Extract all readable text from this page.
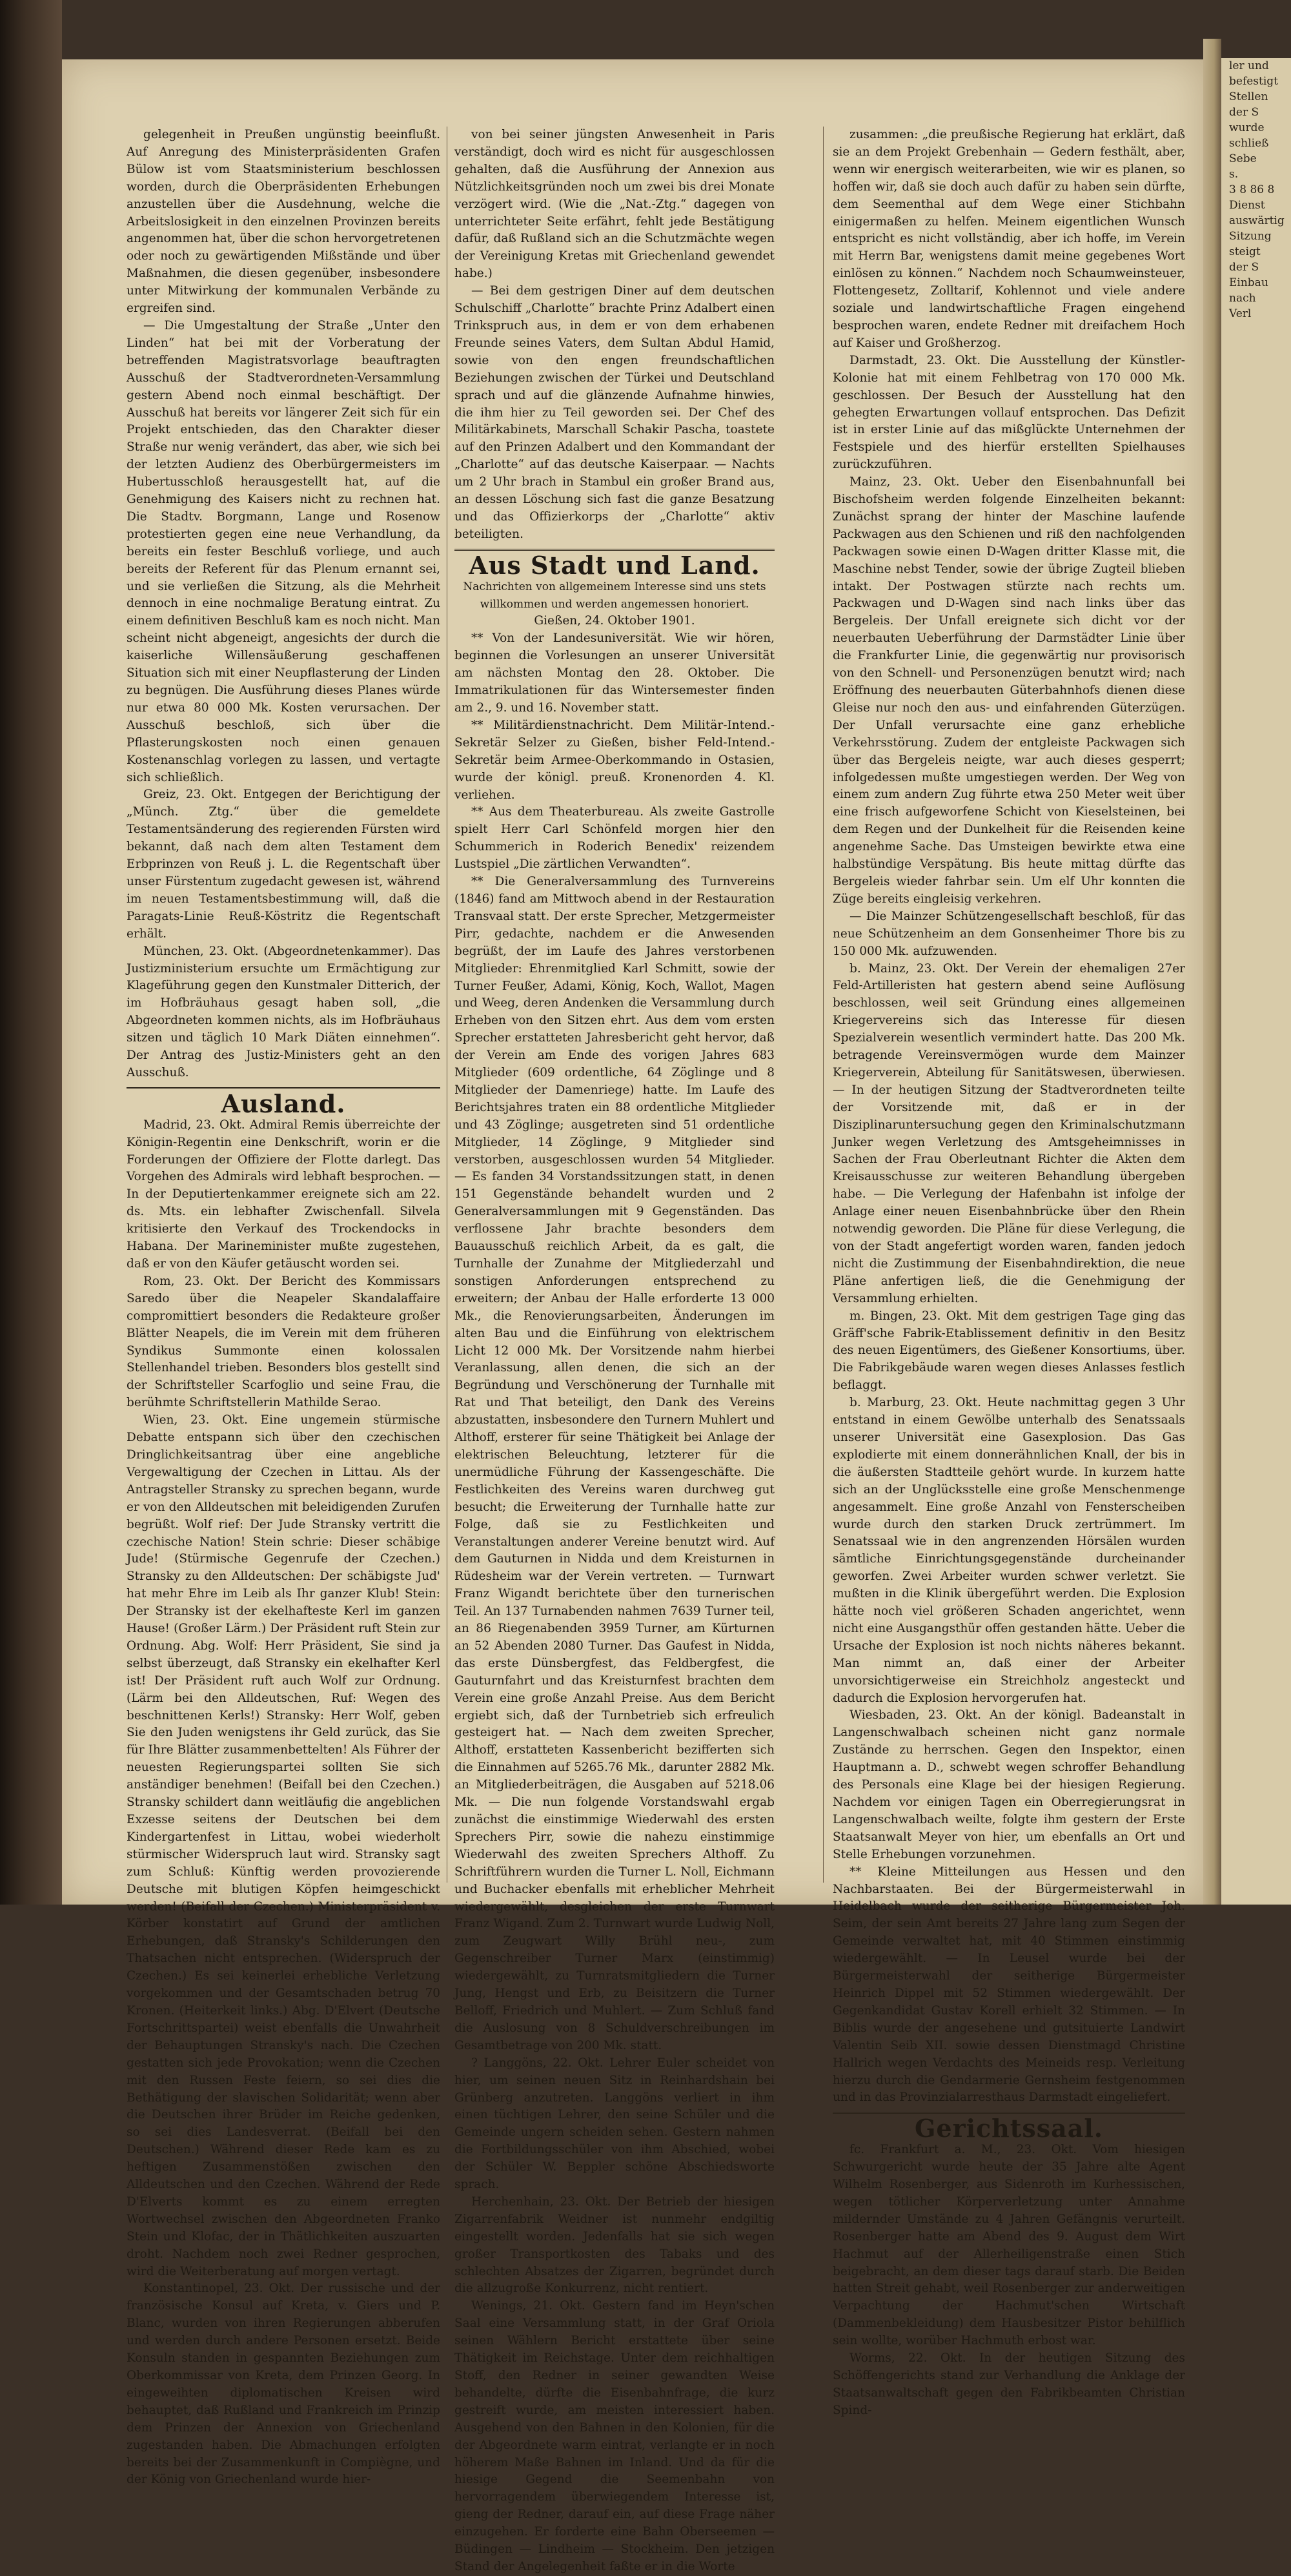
ler und
befestigt
Stellen
der S
wurde
schließ
Sebe
s.
3 8 86 8
Dienst
auswärtig
Sitzung
steigt
der S
Einbau
nach
Verl

gelegenheit in Preußen ungünstig beeinflußt. Auf Anregung des Ministerpräsidenten Grafen Bülow ist vom Staatsministerium beschlossen worden, durch die Oberpräsidenten Erhebungen anzustellen über die Ausdehnung, welche die Arbeitslosigkeit in den einzelnen Provinzen bereits angenommen hat, über die schon hervorgetretenen oder noch zu gewärtigenden Mißstände und über Maßnahmen, die diesen gegenüber, insbesondere unter Mitwirkung der kommunalen Verbände zu ergreifen sind.

— Die Umgestaltung der Straße „Unter den Linden“ hat bei mit der Vorberatung der betreffenden Magistratsvorlage beauftragten Ausschuß der Stadtverordneten-Versammlung gestern Abend noch einmal beschäftigt. Der Ausschuß hat bereits vor längerer Zeit sich für ein Projekt entschieden, das den Charakter dieser Straße nur wenig verändert, das aber, wie sich bei der letzten Audienz des Oberbürgermeisters im Hubertusschloß herausgestellt hat, auf die Genehmigung des Kaisers nicht zu rechnen hat. Die Stadtv. Borgmann, Lange und Rosenow protestierten gegen eine neue Verhandlung, da bereits ein fester Beschluß vorliege, und auch bereits der Referent für das Plenum ernannt sei, und sie verließen die Sitzung, als die Mehrheit dennoch in eine nochmalige Beratung eintrat. Zu einem definitiven Beschluß kam es noch nicht. Man scheint nicht abgeneigt, angesichts der durch die kaiserliche Willensäußerung geschaffenen Situation sich mit einer Neupflasterung der Linden zu begnügen. Die Ausführung dieses Planes würde nur etwa 80 000 Mk. Kosten verursachen. Der Ausschuß beschloß, sich über die Pflasterungskosten noch einen genauen Kostenanschlag vorlegen zu lassen, und vertagte sich schließlich.

Greiz, 23. Okt. Entgegen der Berichtigung der „Münch. Ztg.“ über die gemeldete Testamentsänderung des regierenden Fürsten wird bekannt, daß nach dem alten Testament dem Erbprinzen von Reuß j. L. die Regentschaft über unser Fürstentum zugedacht gewesen ist, während im neuen Testamentsbestimmung will, daß die Paragats-Linie Reuß-Köstritz die Regentschaft erhält.

München, 23. Okt. (Abgeordnetenkammer). Das Justizministerium ersuchte um Ermächtigung zur Klageführung gegen den Kunstmaler Ditterich, der im Hofbräuhaus gesagt haben soll, „die Abgeordneten kommen nichts, als im Hofbräuhaus sitzen und täglich 10 Mark Diäten einnehmen“. Der Antrag des Justiz-Ministers geht an den Ausschuß.

Ausland.

Madrid, 23. Okt. Admiral Remis überreichte der Königin-Regentin eine Denkschrift, worin er die Forderungen der Offiziere der Flotte darlegt. Das Vorgehen des Admirals wird lebhaft besprochen. — In der Deputiertenkammer ereignete sich am 22. ds. Mts. ein lebhafter Zwischenfall. Silvela kritisierte den Verkauf des Trockendocks in Habana. Der Marineminister mußte zugestehen, daß er von den Käufer getäuscht worden sei.

Rom, 23. Okt. Der Bericht des Kommissars Saredo über die Neapeler Skandalaffaire compromittiert besonders die Redakteure großer Blätter Neapels, die im Verein mit dem früheren Syndikus Summonte einen kolossalen Stellenhandel trieben. Besonders blos gestellt sind der Schriftsteller Scarfoglio und seine Frau, die berühmte Schriftstellerin Mathilde Serao.

Wien, 23. Okt. Eine ungemein stürmische Debatte entspann sich über den czechischen Dringlichkeitsantrag über eine angebliche Vergewaltigung der Czechen in Littau. Als der Antragsteller Stransky zu sprechen begann, wurde er von den Alldeutschen mit beleidigenden Zurufen begrüßt. Wolf rief: Der Jude Stransky vertritt die czechische Nation! Stein schrie: Dieser schäbige Jude! (Stürmische Gegenrufe der Czechen.) Stransky zu den Alldeutschen: Der schäbigste Jud' hat mehr Ehre im Leib als Ihr ganzer Klub! Stein: Der Stransky ist der ekelhafteste Kerl im ganzen Hause! (Großer Lärm.) Der Präsident ruft Stein zur Ordnung. Abg. Wolf: Herr Präsident, Sie sind ja selbst überzeugt, daß Stransky ein ekelhafter Kerl ist! Der Präsident ruft auch Wolf zur Ordnung. (Lärm bei den Alldeutschen, Ruf: Wegen des beschnittenen Kerls!) Stransky: Herr Wolf, geben Sie den Juden wenigstens ihr Geld zurück, das Sie für Ihre Blätter zusammenbettelten! Als Führer der neuesten Regierungspartei sollten Sie sich anständiger benehmen! (Beifall bei den Czechen.) Stransky schildert dann weitläufig die angeblichen Exzesse seitens der Deutschen bei dem Kindergartenfest in Littau, wobei wiederholt stürmischer Widerspruch laut wird. Stransky sagt zum Schluß: Künftig werden provozierende Deutsche mit blutigen Köpfen heimgeschickt werden! (Beifall der Czechen.) Ministerpräsident v. Körber konstatirt auf Grund der amtlichen Erhebungen, daß Stransky's Schilderungen den Thatsachen nicht entsprechen. (Widerspruch der Czechen.) Es sei keinerlei erhebliche Verletzung vorgekommen und der Gesamtschaden betrug 70 Kronen. (Heiterkeit links.) Abg. D'Elvert (Deutsche Fortschrittspartei) weist ebenfalls die Unwahrheit der Behauptungen Stransky's nach. Die Czechen gestatten sich jede Provokation; wenn die Czechen mit den Russen Feste feiern, so sei dies die Bethätigung der slavischen Solidarität; wenn aber die Deutschen ihrer Brüder im Reiche gedenken, so sei dies Landesverrat. (Beifall bei den Deutschen.) Während dieser Rede kam es zu heftigen Zusammenstößen zwischen den Alldeutschen und den Czechen. Während der Rede D'Elverts kommt es zu einem erregten Wortwechsel zwischen den Abgeordneten Franko Stein und Klofac, der in Thätlichkeiten auszuarten droht. Nachdem noch zwei Redner gesprochen, wird die Weiterberatung auf morgen vertagt.

Konstantinopel, 23. Okt. Der russische und der französische Konsul auf Kreta, v. Giers und P. Blanc, wurden von ihren Regierungen abberufen und werden durch andere Personen ersetzt. Beide Konsuln standen in gespannten Beziehungen zum Oberkommissar von Kreta, dem Prinzen Georg. In eingeweihten diplomatischen Kreisen wird behauptet, daß Rußland und Frankreich im Prinzip dem Prinzen der Annexion von Griechenland zugestanden haben. Die Abmachungen erfolgten bereits bei der Zusammenkunft in Compiègne, und der König von Griechenland wurde hier-

von bei seiner jüngsten Anwesenheit in Paris verständigt, doch wird es nicht für ausgeschlossen gehalten, daß die Ausführung der Annexion aus Nützlichkeitsgründen noch um zwei bis drei Monate verzögert wird. (Wie die „Nat.-Ztg.“ dagegen von unterrichteter Seite erfährt, fehlt jede Bestätigung dafür, daß Rußland sich an die Schutzmächte wegen der Vereinigung Kretas mit Griechenland gewendet habe.)

— Bei dem gestrigen Diner auf dem deutschen Schulschiff „Charlotte“ brachte Prinz Adalbert einen Trinkspruch aus, in dem er von dem erhabenen Freunde seines Vaters, dem Sultan Abdul Hamid, sowie von den engen freundschaftlichen Beziehungen zwischen der Türkei und Deutschland sprach und auf die glänzende Aufnahme hinwies, die ihm hier zu Teil geworden sei. Der Chef des Militärkabinets, Marschall Schakir Pascha, toastete auf den Prinzen Adalbert und den Kommandant der „Charlotte“ auf das deutsche Kaiserpaar. — Nachts um 2 Uhr brach in Stambul ein großer Brand aus, an dessen Löschung sich fast die ganze Besatzung und das Offizierkorps der „Charlotte“ aktiv beteiligten.

Aus Stadt und Land.

Nachrichten von allgemeinem Interesse sind uns stets willkommen und werden angemessen honoriert.

Gießen, 24. Oktober 1901.

** Von der Landesuniversität. Wie wir hören, beginnen die Vorlesungen an unserer Universität am nächsten Montag den 28. Oktober. Die Immatrikulationen für das Wintersemester finden am 2., 9. und 16. November statt.

** Militärdienstnachricht. Dem Militär-Intend.-Sekretär Selzer zu Gießen, bisher Feld-Intend.-Sekretär beim Armee-Oberkommando in Ostasien, wurde der königl. preuß. Kronenorden 4. Kl. verliehen.

** Aus dem Theaterbureau. Als zweite Gastrolle spielt Herr Carl Schönfeld morgen hier den Schummerich in Roderich Benedix' reizendem Lustspiel „Die zärtlichen Verwandten“.

** Die Generalversammlung des Turnvereins (1846) fand am Mittwoch abend in der Restauration Transvaal statt. Der erste Sprecher, Metzgermeister Pirr, gedachte, nachdem er die Anwesenden begrüßt, der im Laufe des Jahres verstorbenen Mitglieder: Ehrenmitglied Karl Schmitt, sowie der Turner Feußer, Adami, König, Koch, Wallot, Magen und Weeg, deren Andenken die Versammlung durch Erheben von den Sitzen ehrt. Aus dem vom ersten Sprecher erstatteten Jahresbericht geht hervor, daß der Verein am Ende des vorigen Jahres 683 Mitglieder (609 ordentliche, 64 Zöglinge und 8 Mitglieder der Damenriege) hatte. Im Laufe des Berichtsjahres traten ein 88 ordentliche Mitglieder und 43 Zöglinge; ausgetreten sind 51 ordentliche Mitglieder, 14 Zöglinge, 9 Mitglieder sind verstorben, ausgeschlossen wurden 54 Mitglieder. — Es fanden 34 Vorstandssitzungen statt, in denen 151 Gegenstände behandelt wurden und 2 Generalversammlungen mit 9 Gegenständen. Das verflossene Jahr brachte besonders dem Bauausschuß reichlich Arbeit, da es galt, die Turnhalle der Zunahme der Mitgliederzahl und sonstigen Anforderungen entsprechend zu erweitern; der Anbau der Halle erforderte 13 000 Mk., die Renovierungsarbeiten, Änderungen im alten Bau und die Einführung von elektrischem Licht 12 000 Mk. Der Vorsitzende nahm hierbei Veranlassung, allen denen, die sich an der Begründung und Verschönerung der Turnhalle mit Rat und That beteiligt, den Dank des Vereins abzustatten, insbesondere den Turnern Muhlert und Althoff, ersterer für seine Thätigkeit bei Anlage der elektrischen Beleuchtung, letzterer für die unermüdliche Führung der Kassengeschäfte. Die Festlichkeiten des Vereins waren durchweg gut besucht; die Erweiterung der Turnhalle hatte zur Folge, daß sie zu Festlichkeiten und Veranstaltungen anderer Vereine benutzt wird. Auf dem Gauturnen in Nidda und dem Kreisturnen in Rüdesheim war der Verein vertreten. — Turnwart Franz Wigandt berichtete über den turnerischen Teil. An 137 Turnabenden nahmen 7639 Turner teil, an 86 Riegenabenden 3959 Turner, am Kürturnen an 52 Abenden 2080 Turner. Das Gaufest in Nidda, das erste Dünsbergfest, das Feldbergfest, die Gauturnfahrt und das Kreisturnfest brachten dem Verein eine große Anzahl Preise. Aus dem Bericht ergiebt sich, daß der Turnbetrieb sich erfreulich gesteigert hat. — Nach dem zweiten Sprecher, Althoff, erstatteten Kassenbericht bezifferten sich die Einnahmen auf 5265.76 Mk., darunter 2882 Mk. an Mitgliederbeiträgen, die Ausgaben auf 5218.06 Mk. — Die nun folgende Vorstandswahl ergab zunächst die einstimmige Wiederwahl des ersten Sprechers Pirr, sowie die nahezu einstimmige Wiederwahl des zweiten Sprechers Althoff. Zu Schriftführern wurden die Turner L. Noll, Eichmann und Buchacker ebenfalls mit erheblicher Mehrheit wiedergewählt, desgleichen der erste Turnwart Franz Wigand. Zum 2. Turnwart wurde Ludwig Noll, zum Zeugwart Willy Brühl neu-, zum Gegenschreiber Turner Marx (einstimmig) wiedergewählt, zu Turnratsmitgliedern die Turner Jung, Hengst und Erb, zu Beisitzern die Turner Belloff, Friedrich und Muhlert. — Zum Schluß fand die Auslosung von 8 Schuldverschreibungen im Gesamtbetrage von 200 Mk. statt.

? Langgöns, 22. Okt. Lehrer Euler scheidet von hier, um seinen neuen Sitz in Reinhardshain bei Grünberg anzutreten. Langgöns verliert in ihm einen tüchtigen Lehrer, den seine Schüler und die Gemeinde ungern scheiden sehen. Gestern nahmen die Fortbildungsschüler von ihm Abschied, wobei der Schüler W. Beppler schöne Abschiedsworte sprach.

Herchenhain, 23. Okt. Der Betrieb der hiesigen Zigarrenfabrik Weidner ist nunmehr endgiltig eingestellt worden. Jedenfalls hat sie sich wegen großer Transportkosten des Tabaks und des schlechten Absatzes der Zigarren, begründet durch die allzugroße Konkurrenz, nicht rentiert.

Wenings, 21. Okt. Gestern fand im Heyn'schen Saal eine Versammlung statt, in der Graf Oriola seinen Wählern Bericht erstattete über seine Thätigkeit im Reichstage. Unter dem reichhaltigen Stoff, den Redner in seiner gewandten Weise behandelte, dürfte die Eisenbahnfrage, die kurz gestreift wurde, am meisten interessiert haben. Ausgehend von den Bahnen in den Kolonien, für die der Abgeordnete warm eintrat, verlangte er in noch höherem Maße Bahnen im Inland. Und da für die hiesige Gegend die Seemenbahn von hervorragendem überwiegendem Interesse ist, gieng der Redner, darauf ein, auf diese Frage näher einzugehen. Er forderte eine Bahn Oberseemen — Büdingen — Lindheim — Stockheim. Den jetzigen Stand der Angelegenheit faßte er in die Worte

zusammen: „die preußische Regierung hat erklärt, daß sie an dem Projekt Grebenhain — Gedern festhält, aber, wenn wir energisch weiterarbeiten, wie wir es planen, so hoffen wir, daß sie doch auch dafür zu haben sein dürfte, dem Seementhal auf dem Wege einer Stichbahn einigermaßen zu helfen. Meinem eigentlichen Wunsch entspricht es nicht vollständig, aber ich hoffe, im Verein mit Herrn Bar, wenigstens damit meine gegebenes Wort einlösen zu können.“ Nachdem noch Schaumweinsteuer, Flottengesetz, Zolltarif, Kohlennot und viele andere soziale und landwirtschaftliche Fragen eingehend besprochen waren, endete Redner mit dreifachem Hoch auf Kaiser und Großherzog.

Darmstadt, 23. Okt. Die Ausstellung der Künstler-Kolonie hat mit einem Fehlbetrag von 170 000 Mk. geschlossen. Der Besuch der Ausstellung hat den gehegten Erwartungen vollauf entsprochen. Das Defizit ist in erster Linie auf das mißglückte Unternehmen der Festspiele und des hierfür erstellten Spielhauses zurückzuführen.

Mainz, 23. Okt. Ueber den Eisenbahnunfall bei Bischofsheim werden folgende Einzelheiten bekannt: Zunächst sprang der hinter der Maschine laufende Packwagen aus den Schienen und riß den nachfolgenden Packwagen sowie einen D-Wagen dritter Klasse mit, die Maschine nebst Tender, sowie der übrige Zugteil blieben intakt. Der Postwagen stürzte nach rechts um. Packwagen und D-Wagen sind nach links über das Bergeleis. Der Unfall ereignete sich dicht vor der neuerbauten Ueberführung der Darmstädter Linie über die Frankfurter Linie, die gegenwärtig nur provisorisch von den Schnell- und Personenzügen benutzt wird; nach Eröffnung des neuerbauten Güterbahnhofs dienen diese Gleise nur noch den aus- und einfahrenden Güterzügen. Der Unfall verursachte eine ganz erhebliche Verkehrsstörung. Zudem der entgleiste Packwagen sich über das Bergeleis neigte, war auch dieses gesperrt; infolgedessen mußte umgestiegen werden. Der Weg von einem zum andern Zug führte etwa 250 Meter weit über eine frisch aufgeworfene Schicht von Kieselsteinen, bei dem Regen und der Dunkelheit für die Reisenden keine angenehme Sache. Das Umsteigen bewirkte etwa eine halbstündige Verspätung. Bis heute mittag dürfte das Bergeleis wieder fahrbar sein. Um elf Uhr konnten die Züge bereits eingleisig verkehren.

— Die Mainzer Schützengesellschaft beschloß, für das neue Schützenheim an dem Gonsenheimer Thore bis zu 150 000 Mk. aufzuwenden.

b. Mainz, 23. Okt. Der Verein der ehemaligen 27er Feld-Artilleristen hat gestern abend seine Auflösung beschlossen, weil seit Gründung eines allgemeinen Kriegervereins sich das Interesse für diesen Spezialverein wesentlich vermindert hatte. Das 200 Mk. betragende Vereinsvermögen wurde dem Mainzer Kriegerverein, Abteilung für Sanitätswesen, überwiesen. — In der heutigen Sitzung der Stadtverordneten teilte der Vorsitzende mit, daß er in der Disziplinaruntersuchung gegen den Kriminalschutzmann Junker wegen Verletzung des Amtsgeheimnisses in Sachen der Frau Oberleutnant Richter die Akten dem Kreisausschusse zur weiteren Behandlung übergeben habe. — Die Verlegung der Hafenbahn ist infolge der Anlage einer neuen Eisenbahnbrücke über den Rhein notwendig geworden. Die Pläne für diese Verlegung, die von der Stadt angefertigt worden waren, fanden jedoch nicht die Zustimmung der Eisenbahndirektion, die neue Pläne anfertigen ließ, die die Genehmigung der Versammlung erhielten.

m. Bingen, 23. Okt. Mit dem gestrigen Tage ging das Gräff'sche Fabrik-Etablissement definitiv in den Besitz des neuen Eigentümers, des Gießener Konsortiums, über. Die Fabrikgebäude waren wegen dieses Anlasses festlich beflaggt.

b. Marburg, 23. Okt. Heute nachmittag gegen 3 Uhr entstand in einem Gewölbe unterhalb des Senatssaals unserer Universität eine Gasexplosion. Das Gas explodierte mit einem donnerähnlichen Knall, der bis in die äußersten Stadtteile gehört wurde. In kurzem hatte sich an der Unglücksstelle eine große Menschenmenge angesammelt. Eine große Anzahl von Fensterscheiben wurde durch den starken Druck zertrümmert. Im Senatssaal wie in den angrenzenden Hörsälen wurden sämtliche Einrichtungsgegenstände durcheinander geworfen. Zwei Arbeiter wurden schwer verletzt. Sie mußten in die Klinik übergeführt werden. Die Explosion hätte noch viel größeren Schaden angerichtet, wenn nicht eine Ausgangsthür offen gestanden hätte. Ueber die Ursache der Explosion ist noch nichts näheres bekannt. Man nimmt an, daß einer der Arbeiter unvorsichtigerweise ein Streichholz angesteckt und dadurch die Explosion hervorgerufen hat.

Wiesbaden, 23. Okt. An der königl. Badeanstalt in Langenschwalbach scheinen nicht ganz normale Zustände zu herrschen. Gegen den Inspektor, einen Hauptmann a. D., schwebt wegen schroffer Behandlung des Personals eine Klage bei der hiesigen Regierung. Nachdem vor einigen Tagen ein Oberregierungsrat in Langenschwalbach weilte, folgte ihm gestern der Erste Staatsanwalt Meyer von hier, um ebenfalls an Ort und Stelle Erhebungen vorzunehmen.

** Kleine Mitteilungen aus Hessen und den Nachbarstaaten. Bei der Bürgermeisterwahl in Heidelbach wurde der seitherige Bürgermeister Joh. Seim, der sein Amt bereits 27 Jahre lang zum Segen der Gemeinde verwaltet hat, mit 40 Stimmen einstimmig wiedergewählt. — In Leusel wurde bei der Bürgermeisterwahl der seitherige Bürgermeister Heinrich Dippel mit 52 Stimmen wiedergewählt. Der Gegenkandidat Gustav Korell erhielt 32 Stimmen. — In Biblis wurde der angesehene und gutsituierte Landwirt Valentin Seib XII. sowie dessen Dienstmagd Christine Hallrich wegen Verdachts des Meineids resp. Verleitung hierzu durch die Gendarmerie Gernsheim festgenommen und in das Provinzialarresthaus Darmstadt eingeliefert.

Gerichtssaal.

fc. Frankfurt a. M., 23. Okt. Vom hiesigen Schwurgericht wurde heute der 35 Jahre alte Agent Wilhelm Rosenberger, aus Sidenroth im Kurhessischen, wegen tötlicher Körperverletzung unter Annahme mildernder Umstände zu 4 Jahren Gefängnis verurteilt. Rosenberger hatte am Abend des 9. August dem Wirt Hachmut auf der Allerheiligenstraße einen Stich beigebracht, an dem dieser tags darauf starb. Die Beiden hatten Streit gehabt, weil Rosenberger zur anderweitigen Verpachtung der Hachmut'schen Wirtschaft (Dammenbekleidung) dem Hausbesitzer Pistor behilflich sein wollte, worüber Hachmuth erbost war.

Worms, 22. Okt. In der heutigen Sitzung des Schöffengerichts stand zur Verhandlung die Anklage der Staatsanwaltschaft gegen den Fabrikbeamten Christian Spind-
